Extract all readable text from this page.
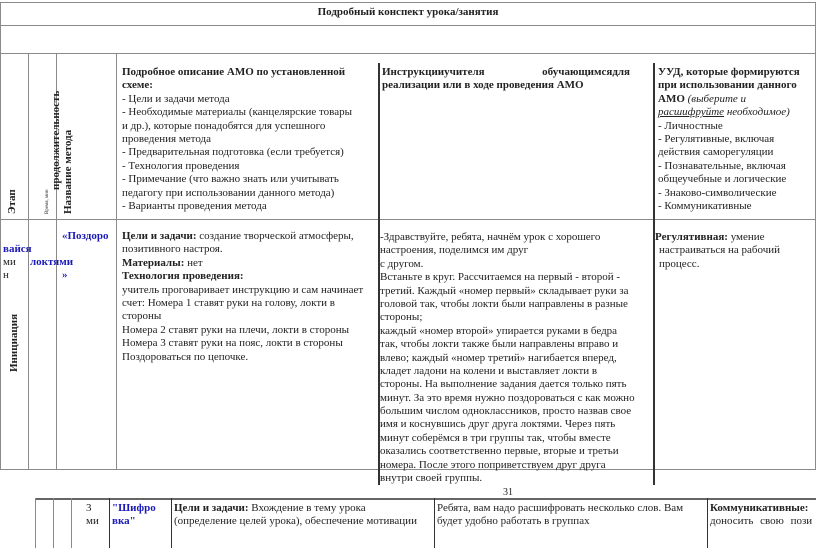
Подробный конспект урока/занятия
Этап	Время, мин
продолжительность Название метода
Подробное описание АМО по установленной
схеме:
- Цели и задачи метода
- Необходимые материалы (канцелярские товары
и др.), которые понадобятся для успешного
проведения метода
- Предварительная подготовка (если требуется)
- Технология проведения
- Примечание (что важно знать или учитывать
педагогу при использовании данного метода)
- Варианты проведения метода
Инструкцииучителя	обучающимсядля
реализации или в ходе проведения АМО
УУД, которые формируются
при использовании данного
АМО (выберите и
расшифруйте необходимое)
- Личностные
- Регулятивные, включая
действия саморегуляции
- Познавательные, включая
общеучебные и логические
- Знаково-символические
- Коммуникативные
«Поздоро
вайся
ми
н
локтями
»
Инициация
Цели и задачи: создание творческой атмосферы,
позитивного настроя.
Материалы: нет
Технология проведения:
учитель проговаривает инструкцию и сам начинает
счет: Номера 1 ставят руки на голову, локти в
стороны
Номера 2 ставят руки на плечи, локти в стороны
Номера 3 ставят руки на пояс, локти в стороны
Поздороваться по цепочке.
-Здравствуйте, ребята, начнём урок с хорошего
настроения, поделимся им друг
с другом.
Встаньте в круг. Рассчитаемся на первый - второй -
третий. Каждый «номер первый» складывает руки за
головой так, чтобы локти были направлены в разные
стороны;
каждый «номер второй» упирается руками в бедра
так, чтобы локти также были направлены вправо и
влево; каждый «номер третий» нагибается вперед,
кладет ладони на колени и выставляет локти в
стороны. На выполнение задания дается только пять
минут. За это время нужно поздороваться с как можно
большим числом одноклассников, просто назвав свое
имя и коснувшись друг друга локтями. Через пять
минут соберёмся в три группы так, чтобы вместе
оказались соответственно первые, вторые и третьи
номера. После этого поприветствуем друг друга
внутри своей группы.
Регулятивная: умение
настраиваться на рабочий
процесс.
31
3
ми
"Шифро
вка"
Цели и задачи: Вхождение в тему урока
(определение целей урока), обеспечение мотивации
Ребята, вам надо расшифровать несколько слов. Вам
будет удобно работать в группах
Коммуникативные:
доносить свою пози
